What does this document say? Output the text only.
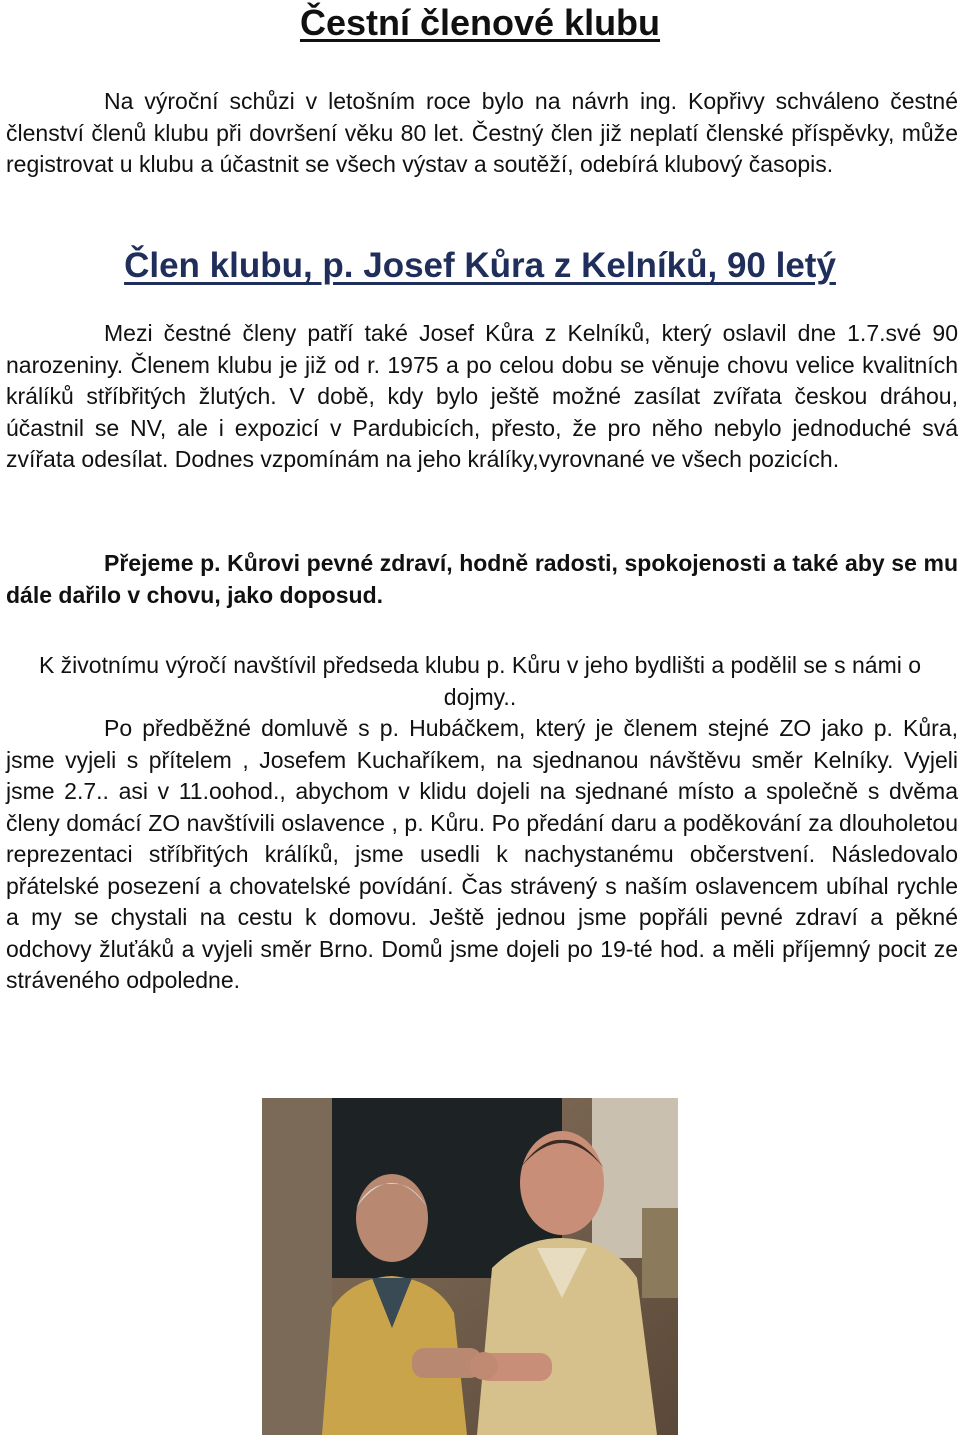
Čestní členové klubu

Na výroční schůzi v letošním roce bylo na návrh ing. Kopřivy schváleno čestné členství členů klubu při dovršení věku 80 let. Čestný člen již neplatí členské příspěvky, může registrovat u klubu a účastnit se všech výstav a soutěží, odebírá klubový časopis.

Člen klubu, p. Josef Kůra z Kelníků, 90 letý

Mezi čestné členy patří také Josef Kůra z Kelníků, který oslavil dne 1.7.své 90 narozeniny. Členem klubu je již od r. 1975 a po celou dobu se věnuje chovu velice kvalitních králíků stříbřitých žlutých. V době, kdy bylo ještě možné zasílat zvířata českou dráhou, účastnil se NV, ale i expozicí v Pardubicích, přesto, že pro něho nebylo jednoduché svá zvířata odesílat. Dodnes vzpomínám na jeho králíky,vyrovnané ve všech pozicích.

Přejeme p. Kůrovi pevné zdraví, hodně radosti, spokojenosti a také aby se mu dále dařilo v chovu, jako doposud.

K životnímu výročí navštívil předseda klubu p. Kůru v jeho bydlišti a podělil se s námi o dojmy..

Po předběžné domluvě s p. Hubáčkem, který je členem stejné ZO jako p. Kůra, jsme vyjeli s přítelem , Josefem Kuchaříkem, na sjednanou návštěvu směr Kelníky. Vyjeli jsme 2.7.. asi v 11.oohod., abychom v klidu dojeli na sjednané místo a společně s dvěma členy domácí ZO navštívili oslavence , p. Kůru. Po předání daru a poděkování za dlouholetou reprezentaci stříbřitých králíků, jsme usedli k nachystanému občerstvení. Následovalo přátelské posezení a chovatelské povídání. Čas strávený s naším oslavencem ubíhal rychle a my se chystali na cestu k domovu. Ještě jednou jsme popřáli pevné zdraví a pěkné odchovy žluťáků a vyjeli směr Brno. Domů jsme dojeli po 19-té hod. a měli příjemný pocit ze stráveného odpoledne.
